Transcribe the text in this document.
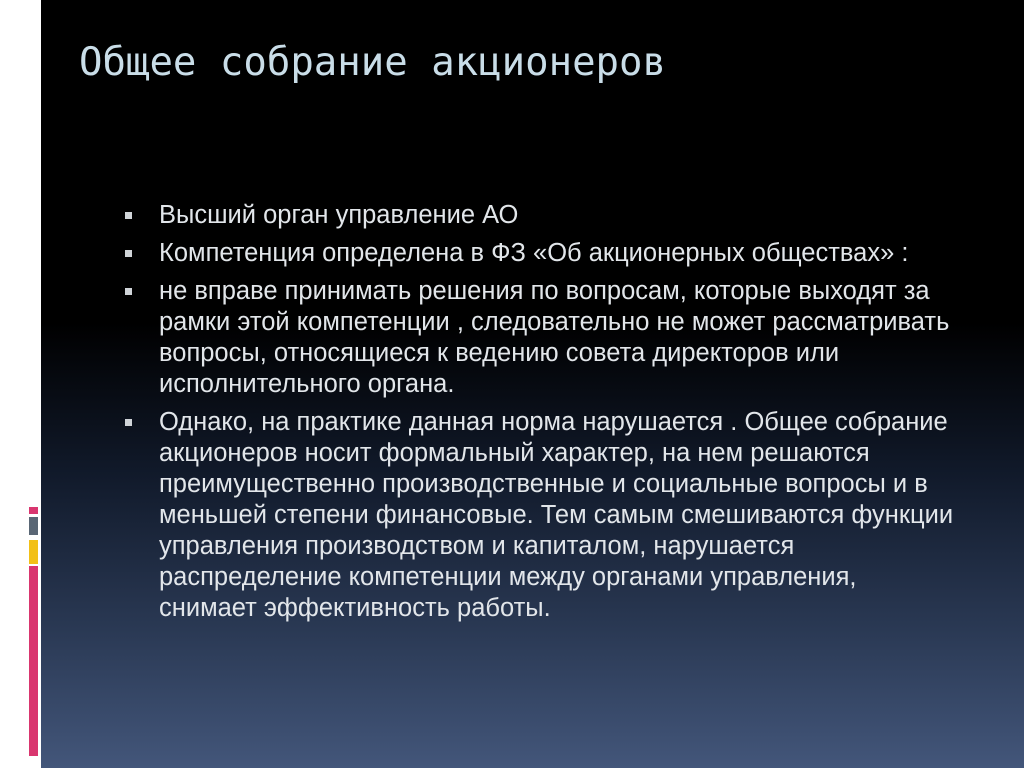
Общее собрание акционеров
Высший орган управление АО
Компетенция определена в ФЗ «Об акционерных обществах» :
не вправе принимать решения по вопросам, которые выходят за рамки этой компетенции , следовательно не может рассматривать вопросы, относящиеся к ведению совета директоров или исполнительного органа.
Однако, на практике данная норма нарушается . Общее собрание акционеров носит формальный характер, на нем решаются преимущественно производственные и социальные вопросы и в меньшей степени финансовые. Тем самым смешиваются функции управления производством и капиталом, нарушается распределение компетенции между органами управления, снимает эффективность работы.
